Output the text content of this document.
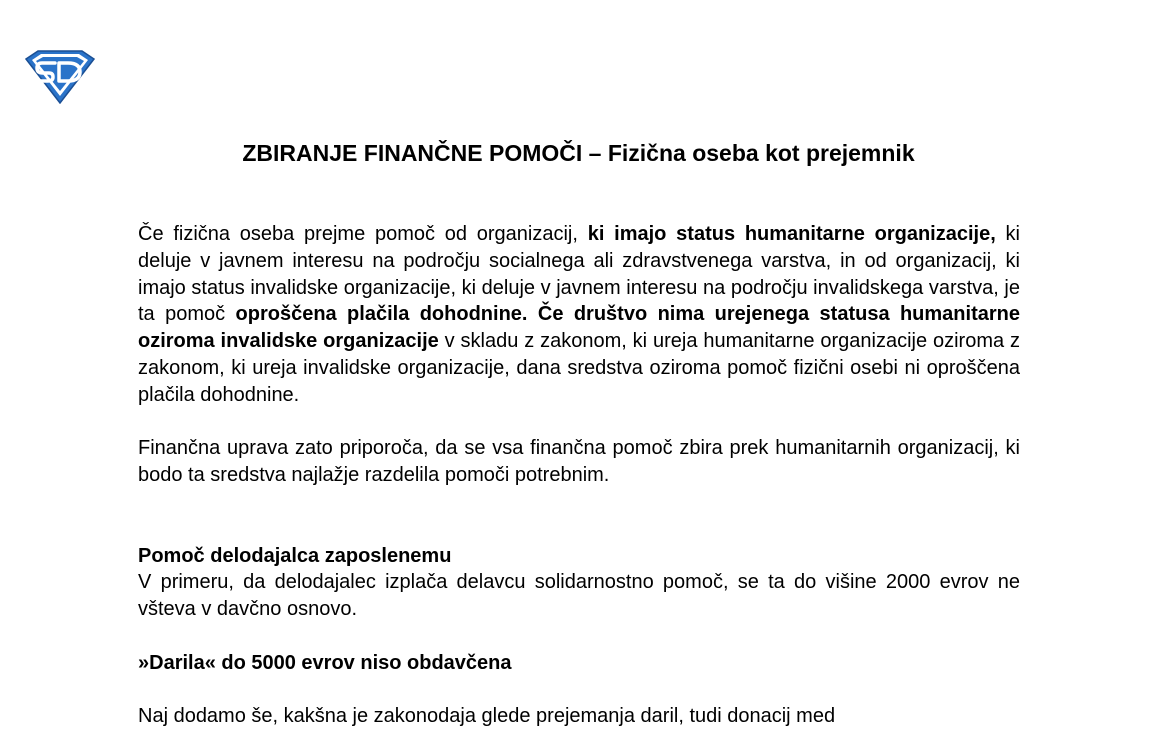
ZBIRANJE FINANČNE POMOČI – Fizična oseba kot prejemnik

Če fizična oseba prejme pomoč od organizacij, ki imajo status humanitarne organizacije, ki deluje v javnem interesu na področju socialnega ali zdravstvenega varstva, in od organizacij, ki imajo status invalidske organizacije, ki deluje v javnem interesu na področju invalidskega varstva, je ta pomoč oproščena plačila dohodnine. Če društvo nima urejenega statusa humanitarne oziroma invalidske organizacije v skladu z zakonom, ki ureja humanitarne organizacije oziroma z zakonom, ki ureja invalidske organizacije, dana sredstva oziroma pomoč fizični osebi ni oproščena plačila dohodnine.

Finančna uprava zato priporoča, da se vsa finančna pomoč zbira prek humanitarnih organizacij, ki bodo ta sredstva najlažje razdelila pomoči potrebnim.

Pomoč delodajalca zaposlenemu

V primeru, da delodajalec izplača delavcu solidarnostno pomoč, se ta do višine 2000 evrov ne všteva v davčno osnovo.

»Darila« do 5000 evrov niso obdavčena

Naj dodamo še, kakšna je zakonodaja glede prejemanja daril, tudi donacij med
